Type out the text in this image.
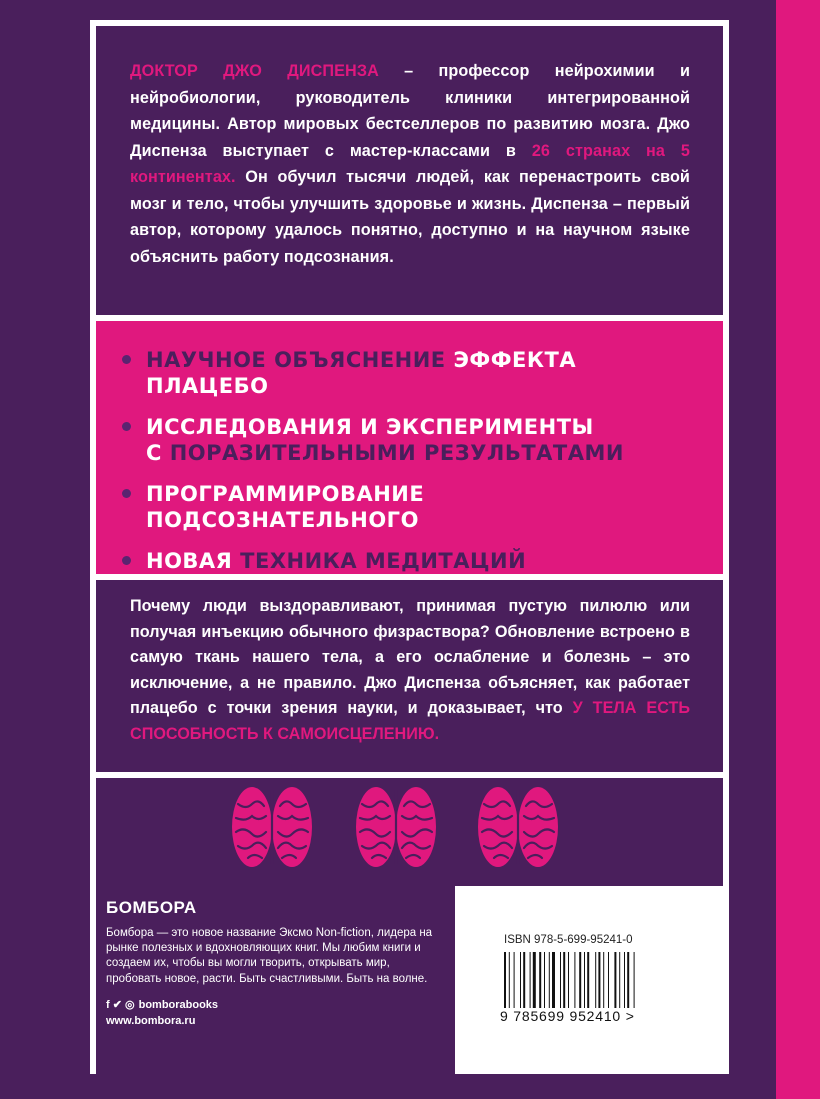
ДОКТОР ДЖО ДИСПЕНЗА – профессор нейрохимии и нейробиологии, руководитель клиники интегрированной медицины. Автор мировых бестселлеров по развитию мозга. Джо Диспенза выступает с мастер-классами в 26 странах на 5 континентах. Он обучил тысячи людей, как перенастроить свой мозг и тело, чтобы улучшить здоровье и жизнь. Диспенза – первый автор, которому удалось понятно, доступно и на научном языке объяснить работу подсознания.
НАУЧНОЕ ОБЪЯСНЕНИЕ ЭФФЕКТА ПЛАЦЕБО
ИССЛЕДОВАНИЯ И ЭКСПЕРИМЕНТЫ
С ПОРАЗИТЕЛЬНЫМИ РЕЗУЛЬТАТАМИ
ПРОГРАММИРОВАНИЕ ПОДСОЗНАТЕЛЬНОГО
НОВАЯ ТЕХНИКА МЕДИТАЦИЙ
Почему люди выздоравливают, принимая пустую пилюлю или получая инъекцию обычного физраствора? Обновление встроено в самую ткань нашего тела, а его ослабление и болезнь – это исключение, а не правило. Джо Диспенза объясняет, как работает плацебо с точки зрения науки, и доказывает, что У ТЕЛА ЕСТЬ СПОСОБНОСТЬ К САМОИСЦЕЛЕНИЮ.
БОМБОРА
Бомбора — это новое название Эксмо Non-fiction, лидера на рынке полезных и вдохновляющих книг. Мы любим книги и создаем их, чтобы вы могли творить, открывать мир, пробовать новое, расти. Быть счастливыми. Быть на волне.
f ✔ ◎ bomborabooks
www.bombora.ru
ISBN 978-5-699-95241-0
9 785699 952410 >
